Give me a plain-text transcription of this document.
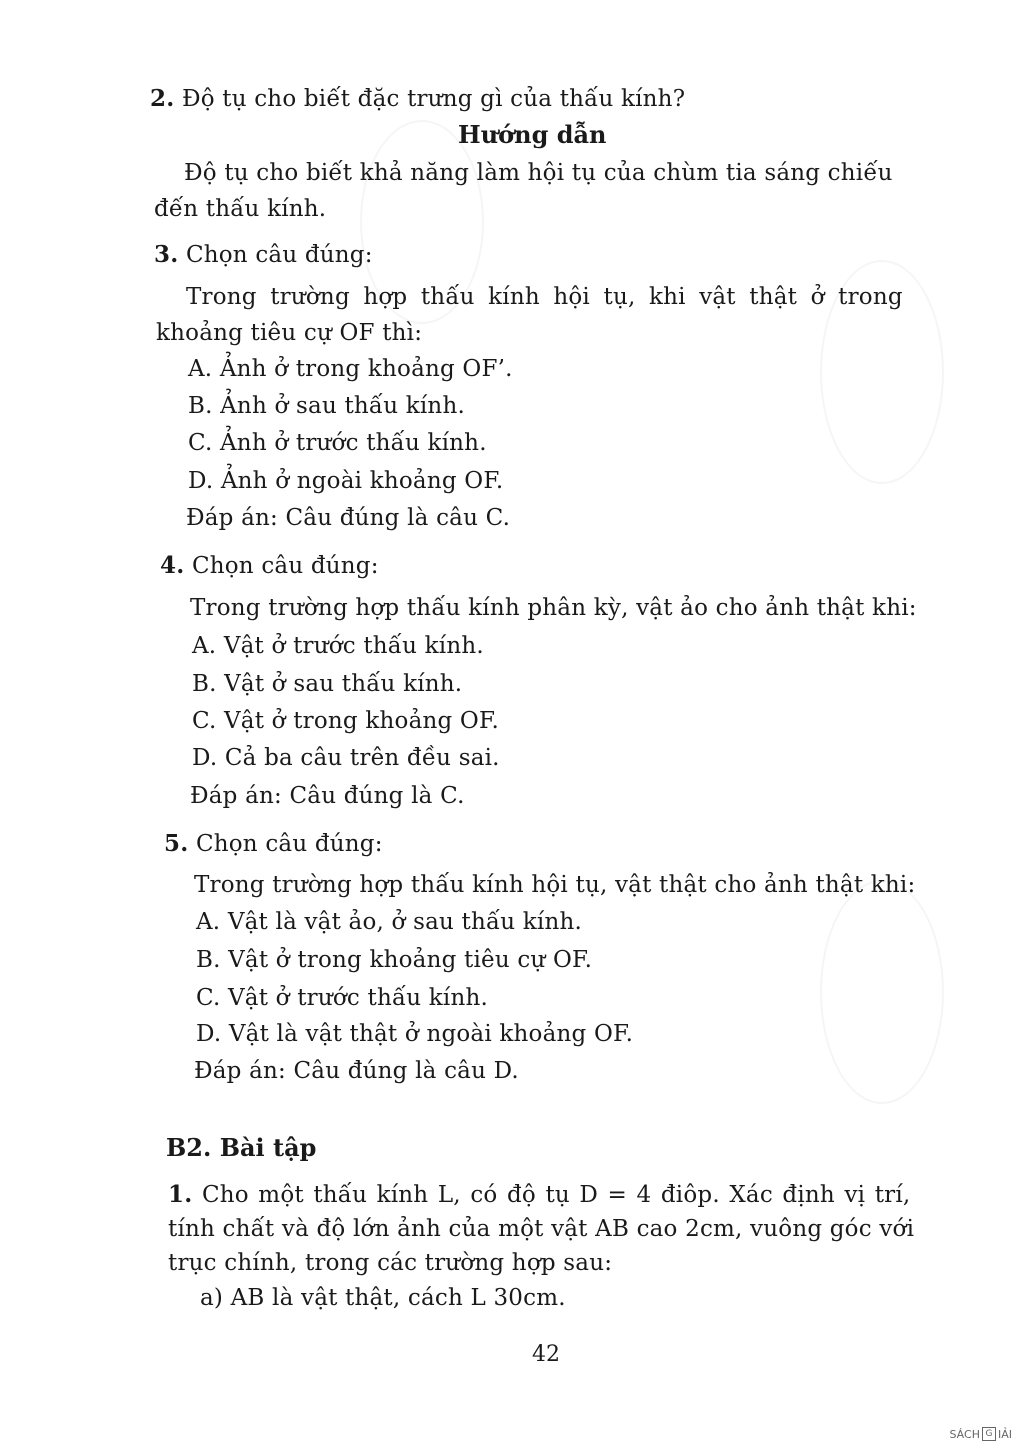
2. Độ tụ cho biết đặc trưng gì của thấu kính?
Hướng dẫn
Độ tụ cho biết khả năng làm hội tụ của chùm tia sáng chiếu
đến thấu kính.
3. Chọn câu đúng:
Trong trường hợp thấu kính hội tụ, khi vật thật ở trong
khoảng tiêu cự OF thì:
A. Ảnh ở trong khoảng OF’.
B. Ảnh ở sau thấu kính.
C. Ảnh ở trước thấu kính.
D. Ảnh ở ngoài khoảng OF.
Đáp án: Câu đúng là câu C.
4. Chọn câu đúng:
Trong trường hợp thấu kính phân kỳ, vật ảo cho ảnh thật khi:
A. Vật ở trước thấu kính.
B. Vật ở sau thấu kính.
C. Vật ở trong khoảng OF.
D. Cả ba câu trên đều sai.
Đáp án: Câu đúng là C.
5. Chọn câu đúng:
Trong trường hợp thấu kính hội tụ, vật thật cho ảnh thật khi:
A. Vật là vật ảo, ở sau thấu kính.
B. Vật ở trong khoảng tiêu cự OF.
C. Vật ở trước thấu kính.
D. Vật là vật thật ở ngoài khoảng OF.
Đáp án: Câu đúng là câu D.
B2. Bài tập
1. Cho một thấu kính L, có độ tụ D = 4 điôp. Xác định vị trí,
tính chất và độ lớn ảnh của một vật AB cao 2cm, vuông góc với
trục chính, trong các trường hợp sau:
a) AB là vật thật, cách L 30cm.
42
SÁCH G IẢI
